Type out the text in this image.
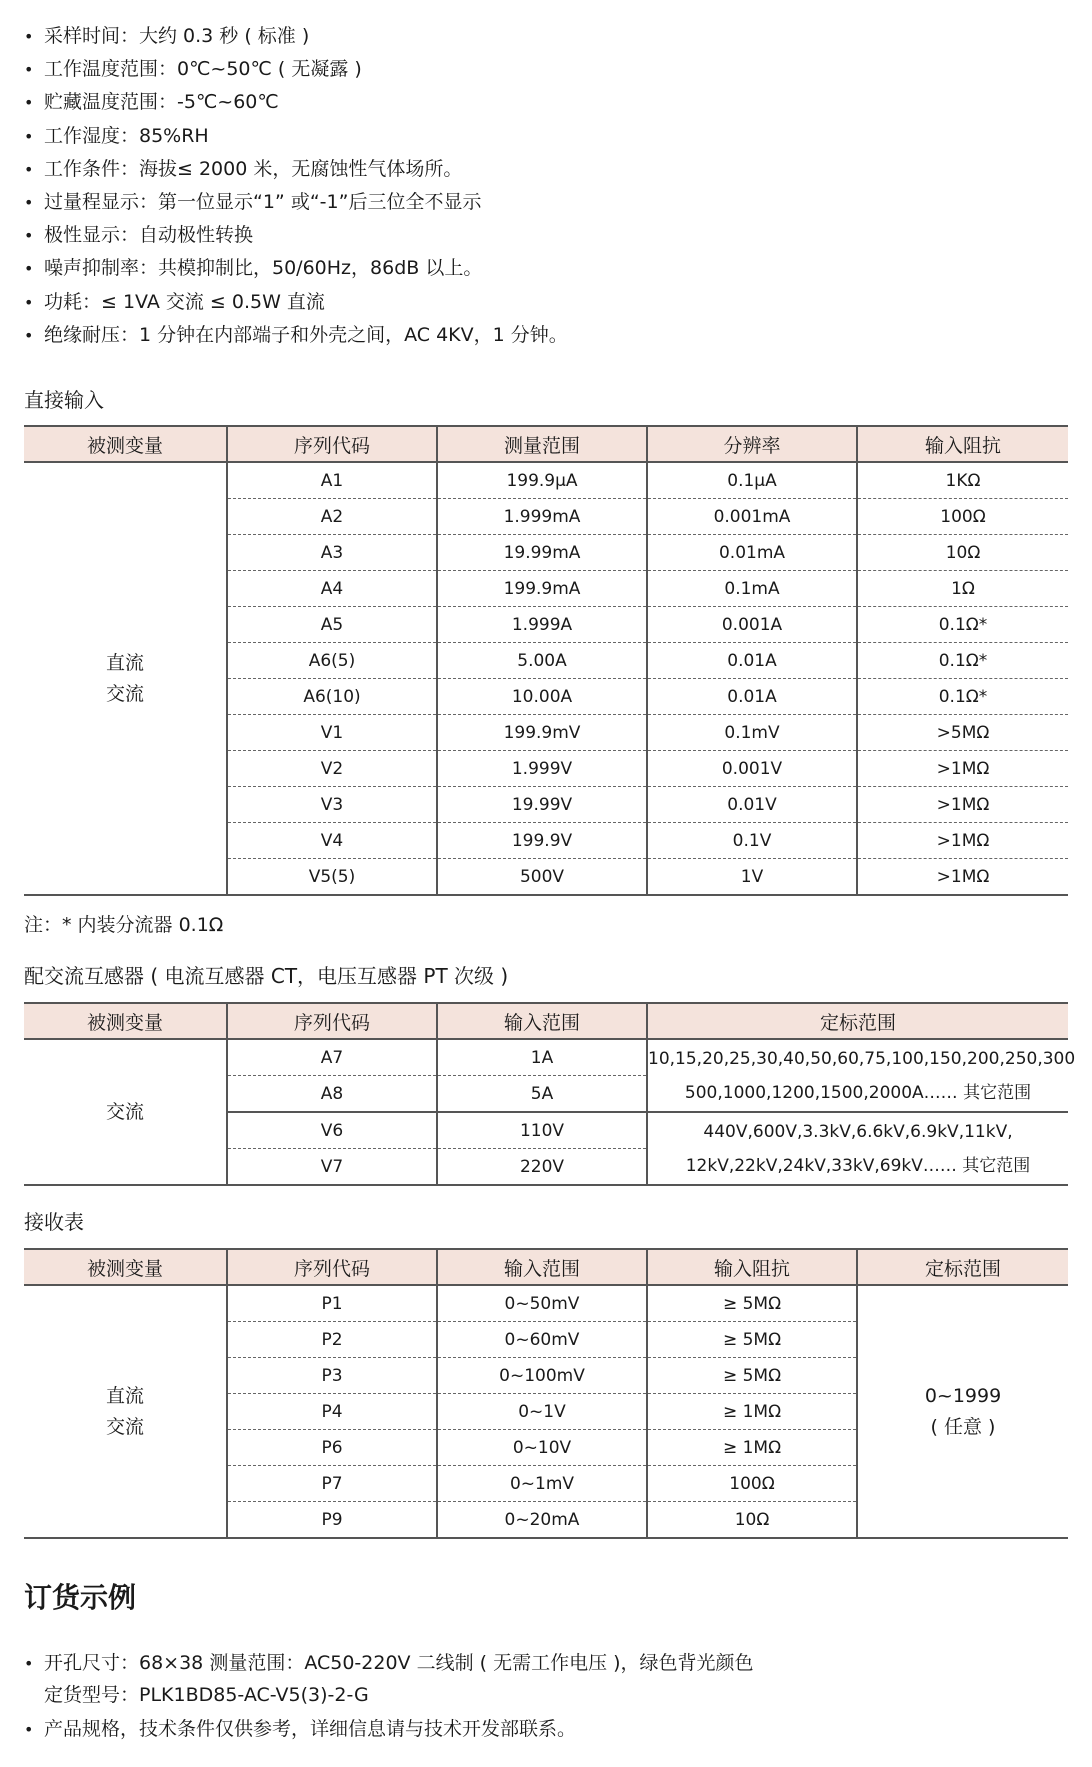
• 采样时间：大约 0.3 秒 ( 标准 )
• 工作温度范围：0℃~50℃ ( 无凝露 )
• 贮藏温度范围：-5℃~60℃
• 工作湿度：85%RH
• 工作条件：海拔≤ 2000 米，无腐蚀性气体场所。
• 过量程显示：第一位显示“1” 或“-1”后三位全不显示
• 极性显示：自动极性转换
• 噪声抑制率：共模抑制比，50/60Hz，86dB 以上。
• 功耗：≤ 1VA 交流 ≤ 0.5W 直流
• 绝缘耐压：1 分钟在内部端子和外壳之间，AC 4KV，1 分钟。
直接输入
被测变量	序列代码	测量范围	分辨率	输入阻抗
直流
交流	A1	199.9μA	0.1μA	1KΩ
	A2	1.999mA	0.001mA	100Ω
	A3	19.99mA	0.01mA	10Ω
	A4	199.9mA	0.1mA	1Ω
	A5	1.999A	0.001A	0.1Ω*
	A6(5)	5.00A	0.01A	0.1Ω*
	A6(10)	10.00A	0.01A	0.1Ω*
	V1	199.9mV	0.1mV	>5MΩ
	V2	1.999V	0.001V	>1MΩ
	V3	19.99V	0.01V	>1MΩ
	V4	199.9V	0.1V	>1MΩ
	V5(5)	500V	1V	>1MΩ
注：* 内装分流器 0.1Ω
配交流互感器 ( 电流互感器 CT，电压互感器 PT 次级 )
被测变量	序列代码	输入范围	定标范围
交流	A7	1A	10,15,20,25,30,40,50,60,75,100,150,200,250,300
500,1000,1200,1500,2000A…… 其它范围
	A8	5A	
	V6	110V	440V,600V,3.3kV,6.6kV,6.9kV,11kV,
12kV,22kV,24kV,33kV,69kV…… 其它范围
	V7	220V	
接收表
被测变量	序列代码	输入范围	输入阻抗	定标范围
直流
交流	P1	0~50mV	≥ 5MΩ	0~1999
( 任意 )
	P2	0~60mV	≥ 5MΩ	
	P3	0~100mV	≥ 5MΩ	
	P4	0~1V	≥ 1MΩ	
	P6	0~10V	≥ 1MΩ	
	P7	0~1mV	100Ω	
	P9	0~20mA	10Ω	
订货示例
• 开孔尺寸：68×38 测量范围：AC50-220V 二线制 ( 无需工作电压 )，绿色背光颜色
定货型号：PLK1BD85-AC-V5(3)-2-G
• 产品规格，技术条件仅供参考，详细信息请与技术开发部联系。
